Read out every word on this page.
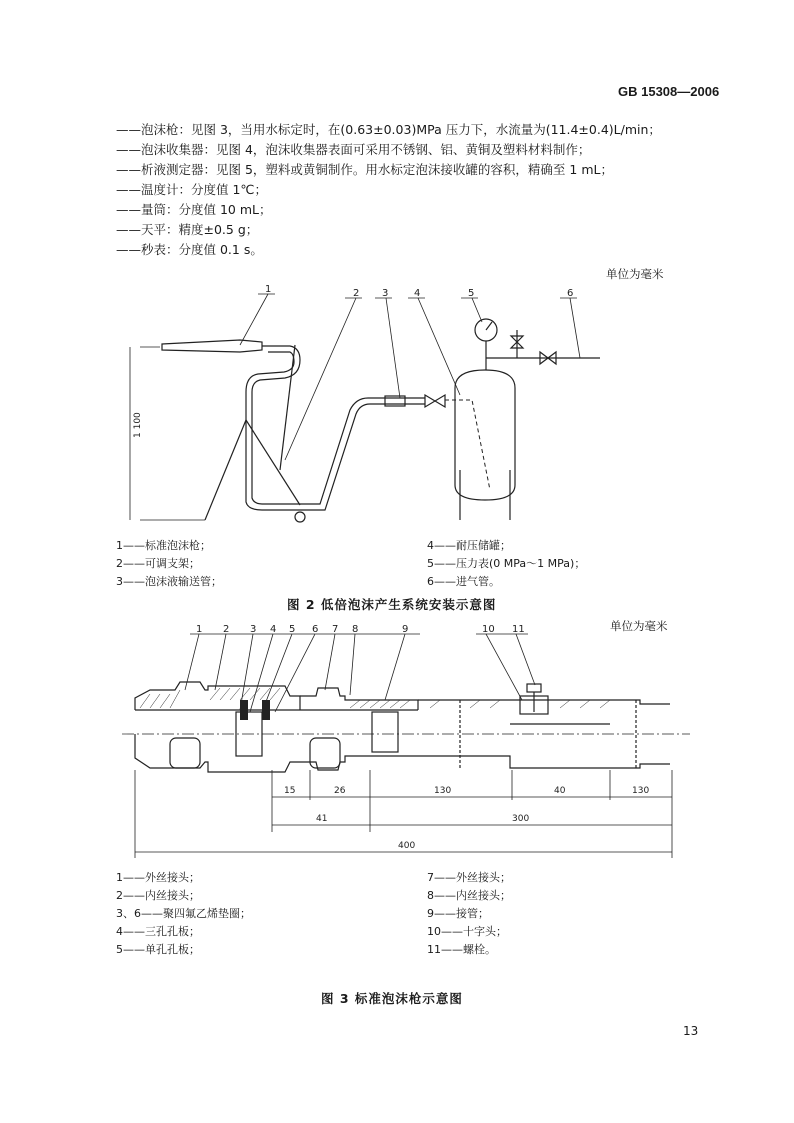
GB 15308—2006
——泡沫枪：见图 3，当用水标定时，在(0.63±0.03)MPa 压力下，水流量为(11.4±0.4)L/min；
——泡沫收集器：见图 4，泡沫收集器表面可采用不锈钢、铝、黄铜及塑料材料制作；
——析液测定器：见图 5，塑料或黄铜制作。用水标定泡沫接收罐的容积，精确至 1 mL；
——温度计：分度值 1℃；
——量筒：分度值 10 mL；
——天平：精度±0.5 g；
——秒表：分度值 0.1 s。
单位为毫米
1	2 3	4	5	6
1 100
1——标准泡沫枪；
2——可调支架；
3——泡沫液输送管；
4——耐压储罐；
5——压力表(0 MPa～1 MPa)；
6——进气管。
图 2 低倍泡沫产生系统安装示意图
单位为毫米
1 2 3 4 5 6 7 8	9	10 11
15	26	130	40	130
41	300
400
1——外丝接头；
2——内丝接头；
3、6——聚四氟乙烯垫圈；
4——三孔孔板；
5——单孔孔板；
7——外丝接头；
8——内丝接头；
9——接管；
10——十字头；
11——螺栓。
图 3 标准泡沫枪示意图
13
